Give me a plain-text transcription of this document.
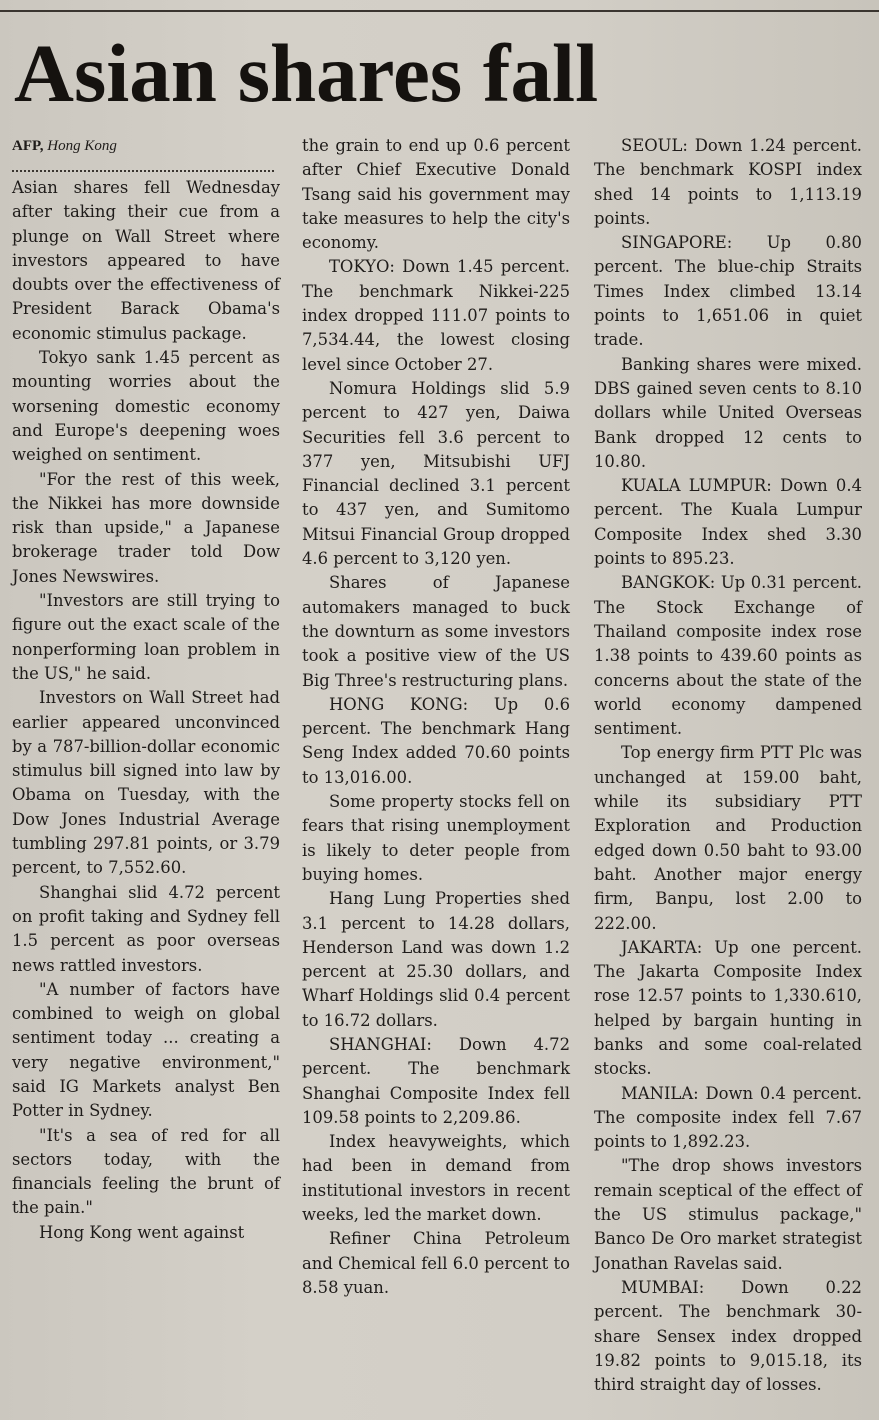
Asian shares fall

AFP, Hong Kong

Asian shares fell Wednesday after taking their cue from a plunge on Wall Street where investors appeared to have doubts over the effectiveness of President Barack Obama's economic stimulus package.

Tokyo sank 1.45 percent as mounting worries about the worsening domestic economy and Europe's deepening woes weighed on sentiment.

"For the rest of this week, the Nikkei has more downside risk than upside," a Japanese brokerage trader told Dow Jones Newswires.

"Investors are still trying to figure out the exact scale of the nonperforming loan problem in the US," he said.

Investors on Wall Street had earlier appeared unconvinced by a 787-billion-dollar economic stimulus bill signed into law by Obama on Tuesday, with the Dow Jones Industrial Average tumbling 297.81 points, or 3.79 percent, to 7,552.60.

Shanghai slid 4.72 percent on profit taking and Sydney fell 1.5 percent as poor overseas news rattled investors.

"A number of factors have combined to weigh on global sentiment today ... creating a very negative environment," said IG Markets analyst Ben Potter in Sydney.

"It's a sea of red for all sectors today, with the financials feeling the brunt of the pain."

Hong Kong went against

the grain to end up 0.6 percent after Chief Executive Donald Tsang said his government may take measures to help the city's economy.

TOKYO: Down 1.45 percent. The benchmark Nikkei-225 index dropped 111.07 points to 7,534.44, the lowest closing level since October 27.

Nomura Holdings slid 5.9 percent to 427 yen, Daiwa Securities fell 3.6 percent to 377 yen, Mitsubishi UFJ Financial declined 3.1 percent to 437 yen, and Sumitomo Mitsui Financial Group dropped 4.6 percent to 3,120 yen.

Shares of Japanese automakers managed to buck the downturn as some investors took a positive view of the US Big Three's restructuring plans.

HONG KONG: Up 0.6 percent. The benchmark Hang Seng Index added 70.60 points to 13,016.00.

Some property stocks fell on fears that rising unemployment is likely to deter people from buying homes.

Hang Lung Properties shed 3.1 percent to 14.28 dollars, Henderson Land was down 1.2 percent at 25.30 dollars, and Wharf Holdings slid 0.4 percent to 16.72 dollars.

SHANGHAI: Down 4.72 percent. The benchmark Shanghai Composite Index fell 109.58 points to 2,209.86.

Index heavyweights, which had been in demand from institutional investors in recent weeks, led the market down.

Refiner China Petroleum and Chemical fell 6.0 percent to 8.58 yuan.

SEOUL: Down 1.24 percent. The benchmark KOSPI index shed 14 points to 1,113.19 points.

SINGAPORE: Up 0.80 percent. The blue-chip Straits Times Index climbed 13.14 points to 1,651.06 in quiet trade.

Banking shares were mixed. DBS gained seven cents to 8.10 dollars while United Overseas Bank dropped 12 cents to 10.80.

KUALA LUMPUR: Down 0.4 percent. The Kuala Lumpur Composite Index shed 3.30 points to 895.23.

BANGKOK: Up 0.31 percent. The Stock Exchange of Thailand composite index rose 1.38 points to 439.60 points as concerns about the state of the world economy dampened sentiment.

Top energy firm PTT Plc was unchanged at 159.00 baht, while its subsidiary PTT Exploration and Production edged down 0.50 baht to 93.00 baht. Another major energy firm, Banpu, lost 2.00 to 222.00.

JAKARTA: Up one percent. The Jakarta Composite Index rose 12.57 points to 1,330.610, helped by bargain hunting in banks and some coal-related stocks.

MANILA: Down 0.4 percent. The composite index fell 7.67 points to 1,892.23.

"The drop shows investors remain sceptical of the effect of the US stimulus package," Banco De Oro market strategist Jonathan Ravelas said.

MUMBAI: Down 0.22 percent. The benchmark 30-share Sensex index dropped 19.82 points to 9,015.18, its third straight day of losses.
